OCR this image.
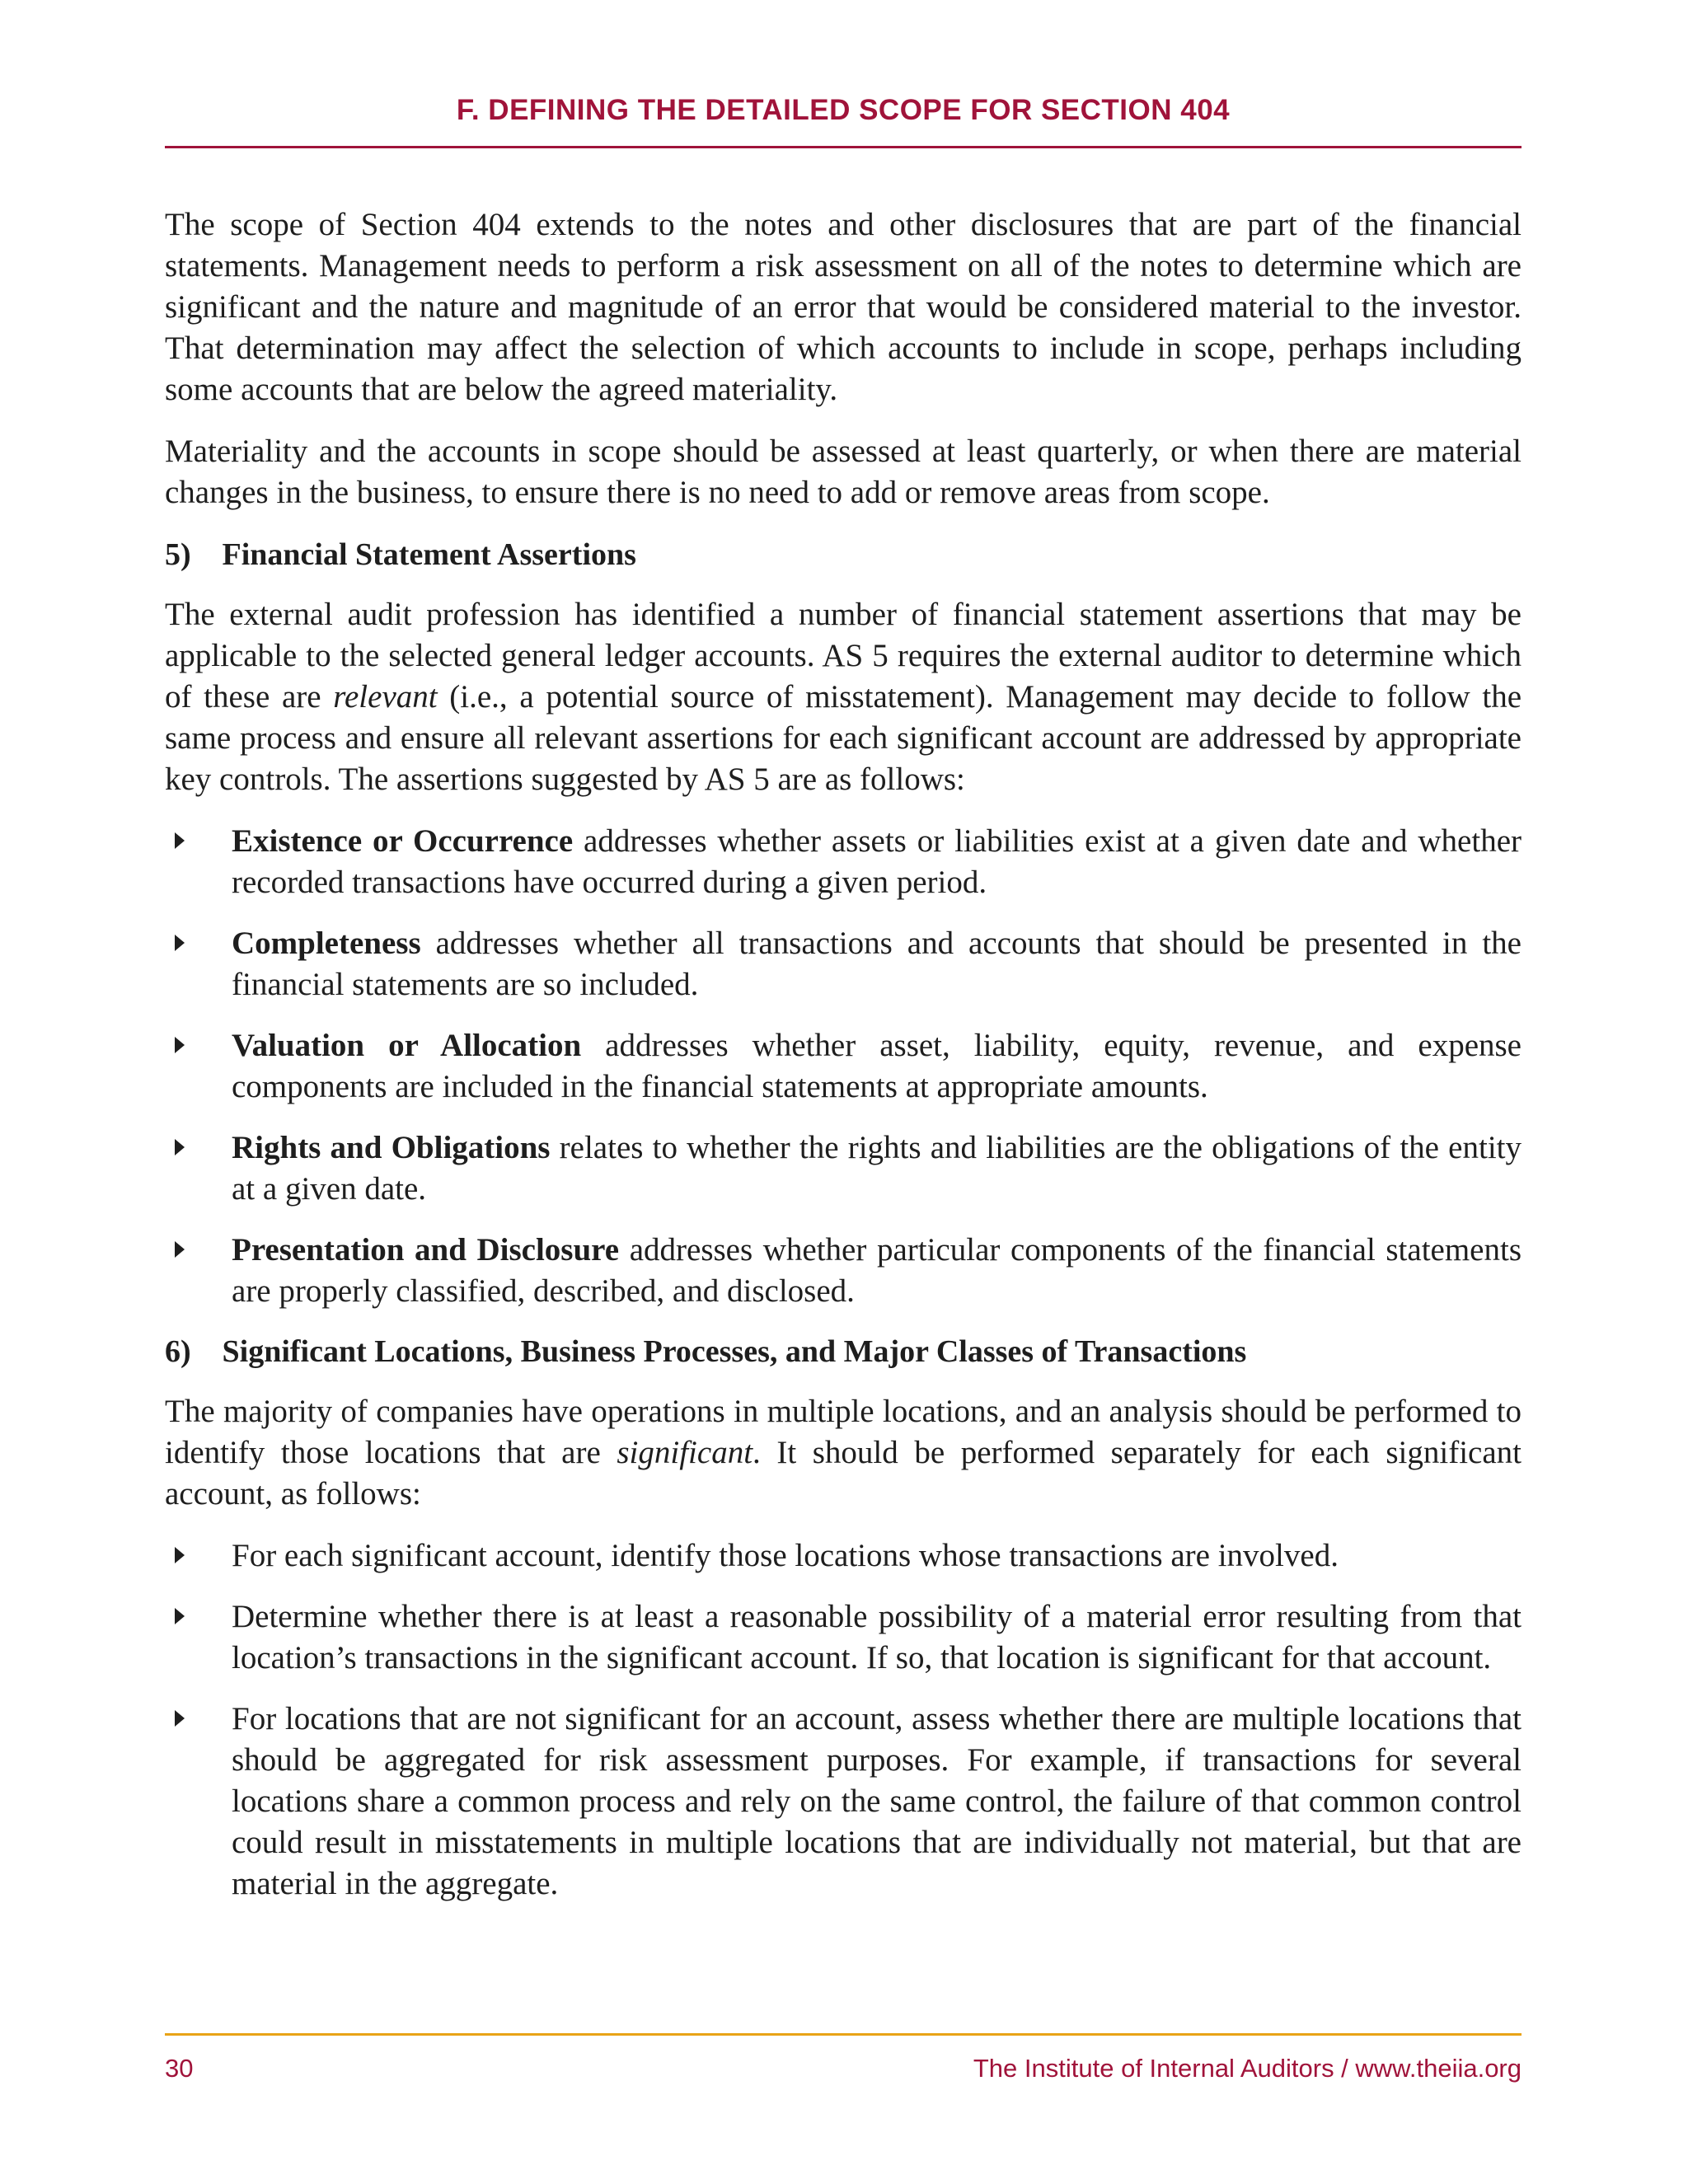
F. DEFINING THE DETAILED SCOPE FOR SECTION 404

The scope of Section 404 extends to the notes and other disclosures that are part of the financial statements. Management needs to perform a risk assessment on all of the notes to determine which are significant and the nature and magnitude of an error that would be considered material to the investor. That determination may affect the selection of which accounts to include in scope, perhaps including some accounts that are below the agreed materiality.

Materiality and the accounts in scope should be assessed at least quarterly, or when there are material changes in the business, to ensure there is no need to add or remove areas from scope.

5) Financial Statement Assertions

The external audit profession has identified a number of financial statement assertions that may be applicable to the selected general ledger accounts. AS 5 requires the external auditor to determine which of these are relevant (i.e., a potential source of misstatement). Management may decide to follow the same process and ensure all relevant assertions for each significant account are addressed by appropriate key controls. The assertions suggested by AS 5 are as follows:

Existence or Occurrence addresses whether assets or liabilities exist at a given date and whether recorded transactions have occurred during a given period.
Completeness addresses whether all transactions and accounts that should be presented in the financial statements are so included.
Valuation or Allocation addresses whether asset, liability, equity, revenue, and expense components are included in the financial statements at appropriate amounts.
Rights and Obligations relates to whether the rights and liabilities are the obligations of the entity at a given date.
Presentation and Disclosure addresses whether particular components of the financial statements are properly classified, described, and disclosed.
6) Significant Locations, Business Processes, and Major Classes of Transactions

The majority of companies have operations in multiple locations, and an analysis should be performed to identify those locations that are significant. It should be performed separately for each significant account, as follows:

For each significant account, identify those locations whose transactions are involved.
Determine whether there is at least a reasonable possibility of a material error resulting from that location’s transactions in the significant account. If so, that location is significant for that account.
For locations that are not significant for an account, assess whether there are multiple locations that should be aggregated for risk assessment purposes. For example, if transactions for several locations share a common process and rely on the same control, the failure of that common control could result in misstatements in multiple locations that are individually not material, but that are material in the aggregate.
30	The Institute of Internal Auditors / www.theiia.org
